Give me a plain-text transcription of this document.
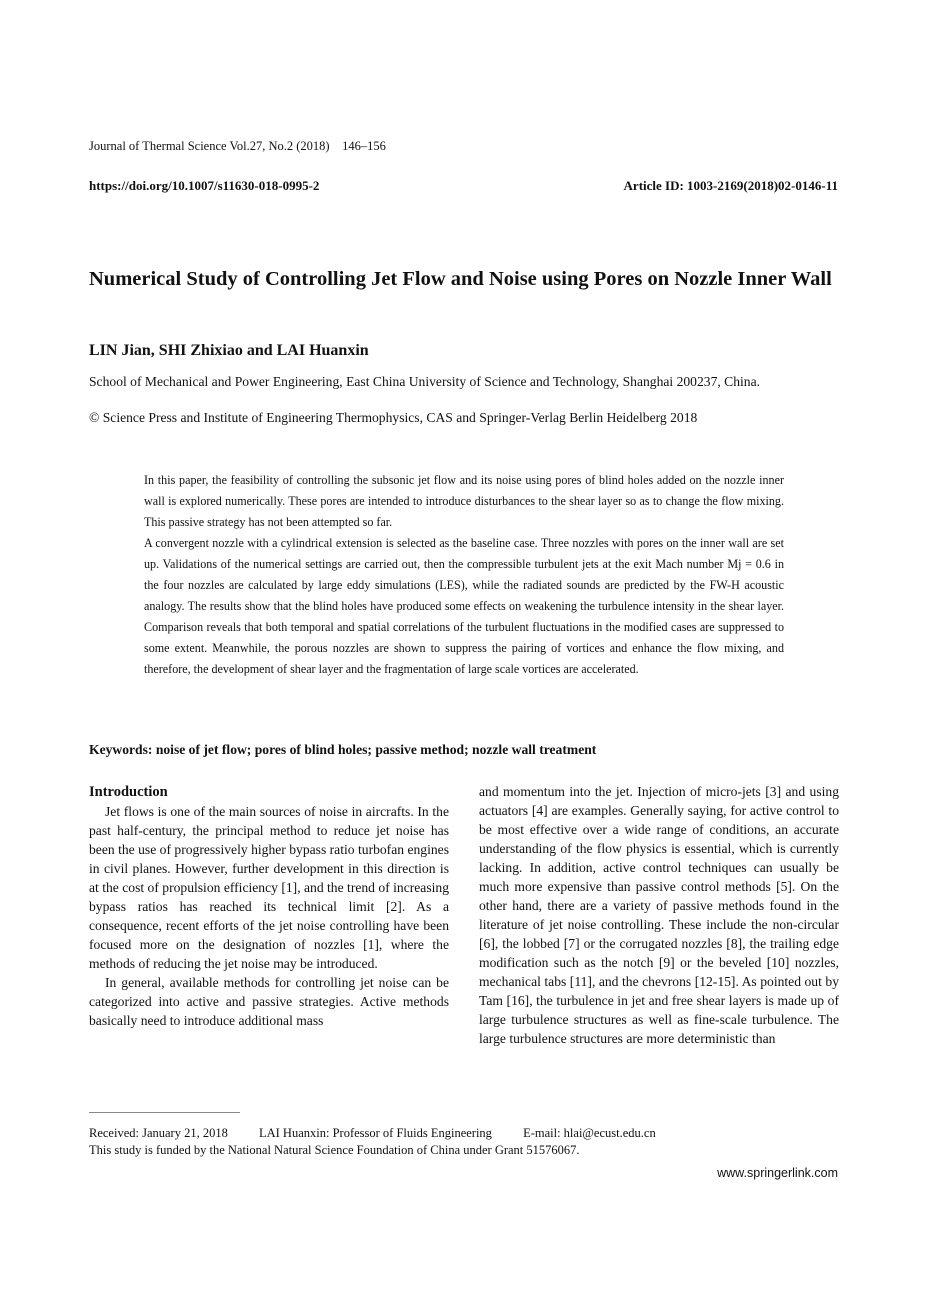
Journal of Thermal Science Vol.27, No.2 (2018)    146–156
https://doi.org/10.1007/s11630-018-0995-2	Article ID: 1003-2169(2018)02-0146-11
Numerical Study of Controlling Jet Flow and Noise using Pores on Nozzle Inner Wall
LIN Jian, SHI Zhixiao and LAI Huanxin
School of Mechanical and Power Engineering, East China University of Science and Technology, Shanghai 200237, China.
© Science Press and Institute of Engineering Thermophysics, CAS and Springer-Verlag Berlin Heidelberg 2018

In this paper, the feasibility of controlling the subsonic jet flow and its noise using pores of blind holes added on the nozzle inner wall is explored numerically. These pores are intended to introduce disturbances to the shear layer so as to change the flow mixing. This passive strategy has not been attempted so far.

A convergent nozzle with a cylindrical extension is selected as the baseline case. Three nozzles with pores on the inner wall are set up. Validations of the numerical settings are carried out, then the compressible turbulent jets at the exit Mach number Mj = 0.6 in the four nozzles are calculated by large eddy simulations (LES), while the radiated sounds are predicted by the FW-H acoustic analogy. The results show that the blind holes have produced some effects on weakening the turbulence intensity in the shear layer. Comparison reveals that both temporal and spatial correlations of the turbulent fluctuations in the modified cases are suppressed to some extent. Meanwhile, the porous nozzles are shown to suppress the pairing of vortices and enhance the flow mixing, and therefore, the development of shear layer and the fragmentation of large scale vortices are accelerated.

Keywords: noise of jet flow; pores of blind holes; passive method; nozzle wall treatment

Introduction

Jet flows is one of the main sources of noise in aircrafts. In the past half-century, the principal method to reduce jet noise has been the use of progressively higher bypass ratio turbofan engines in civil planes. However, further development in this direction is at the cost of propulsion efficiency [1], and the trend of increasing bypass ratios has reached its technical limit [2]. As a consequence, recent efforts of the jet noise controlling have been focused more on the designation of nozzles [1], where the methods of reducing the jet noise may be introduced.

In general, available methods for controlling jet noise can be categorized into active and passive strategies. Active methods basically need to introduce additional mass

and momentum into the jet. Injection of micro-jets [3] and using actuators [4] are examples. Generally saying, for active control to be most effective over a wide range of conditions, an accurate understanding of the flow physics is essential, which is currently lacking. In addition, active control techniques can usually be much more expensive than passive control methods [5]. On the other hand, there are a variety of passive methods found in the literature of jet noise controlling. These include the non-circular [6], the lobbed [7] or the corrugated nozzles [8], the trailing edge modification such as the notch [9] or the beveled [10] nozzles, mechanical tabs [11], and the chevrons [12-15]. As pointed out by Tam [16], the turbulence in jet and free shear layers is made up of large turbulence structures as well as fine-scale turbulence. The large turbulence structures are more deterministic than

Received: January 21, 2018 LAI Huanxin: Professor of Fluids Engineering E-mail: hlai@ecust.edu.cn
This study is funded by the National Natural Science Foundation of China under Grant 51576067.
www.springerlink.com
